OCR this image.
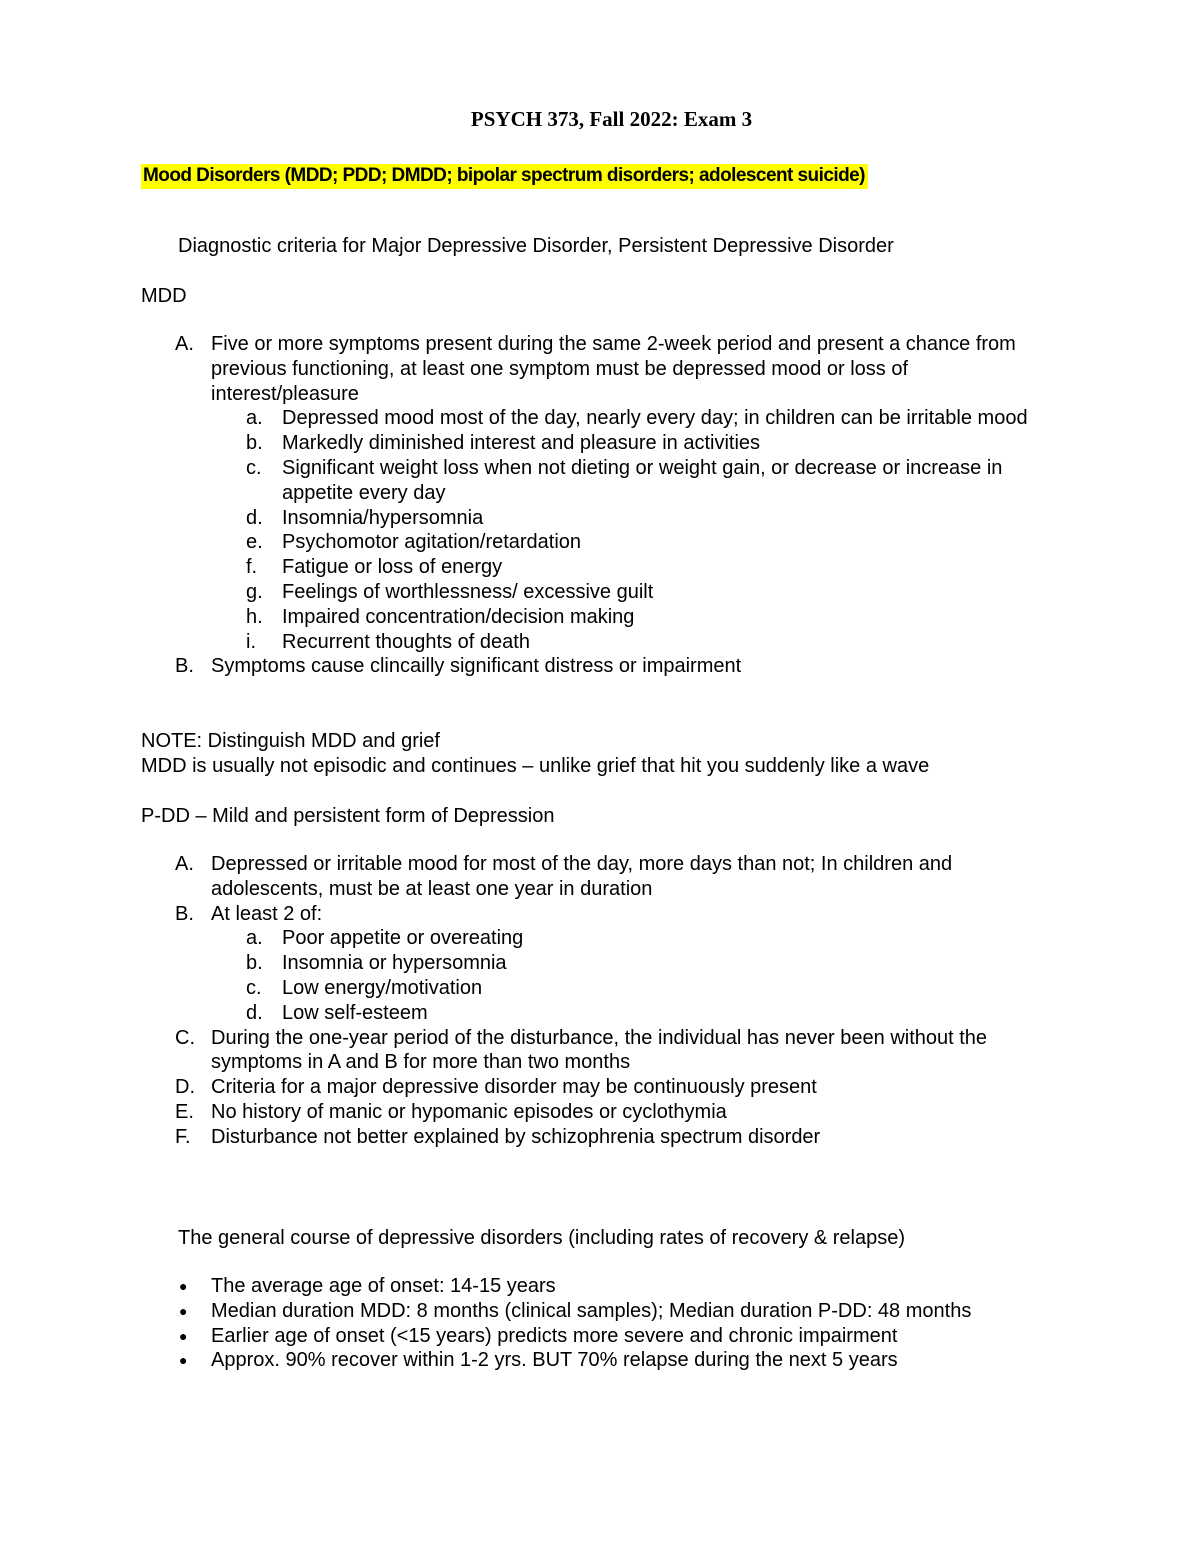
PSYCH 373, Fall 2022: Exam 3
Mood Disorders (MDD; PDD; DMDD; bipolar spectrum disorders; adolescent suicide)
Diagnostic criteria for Major Depressive Disorder, Persistent Depressive Disorder
MDD
A. Five or more symptoms present during the same 2-week period and present a chance from previous functioning, at least one symptom must be depressed mood or loss of interest/pleasure
a. Depressed mood most of the day, nearly every day; in children can be irritable mood
b. Markedly diminished interest and pleasure in activities
c. Significant weight loss when not dieting or weight gain, or decrease or increase in appetite every day
d. Insomnia/hypersomnia
e. Psychomotor agitation/retardation
f. Fatigue or loss of energy
g. Feelings of worthlessness/ excessive guilt
h. Impaired concentration/decision making
i. Recurrent thoughts of death
B. Symptoms cause clincailly significant distress or impairment
NOTE: Distinguish MDD and grief
MDD is usually not episodic and continues – unlike grief that hit you suddenly like a wave
P-DD – Mild and persistent form of Depression
A. Depressed or irritable mood for most of the day, more days than not; In children and adolescents, must be at least one year in duration
B. At least 2 of:
a. Poor appetite or overeating
b. Insomnia or hypersomnia
c. Low energy/motivation
d. Low self-esteem
C. During the one-year period of the disturbance, the individual has never been without the symptoms in A and B for more than two months
D. Criteria for a major depressive disorder may be continuously present
E. No history of manic or hypomanic episodes or cyclothymia
F. Disturbance not better explained by schizophrenia spectrum disorder
The general course of depressive disorders (including rates of recovery & relapse)
● The average age of onset: 14-15 years
● Median duration MDD: 8 months (clinical samples); Median duration P-DD: 48 months
● Earlier age of onset (<15 years) predicts more severe and chronic impairment
● Approx. 90% recover within 1-2 yrs. BUT 70% relapse during the next 5 years
